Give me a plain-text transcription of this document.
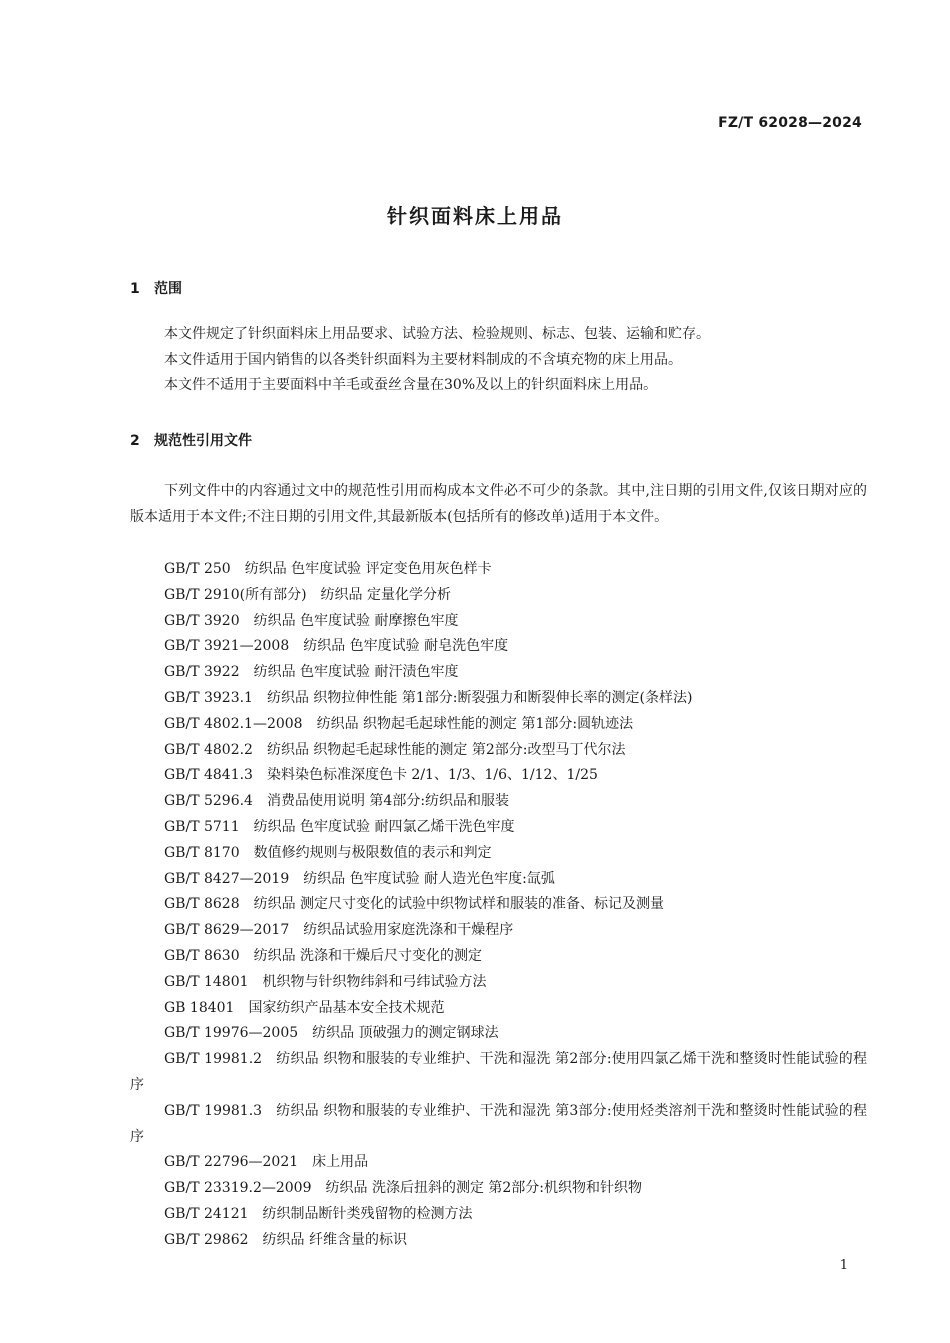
FZ/T 62028—2024
针织面料床上用品
1 范围

本文件规定了针织面料床上用品要求、试验方法、检验规则、标志、包装、运输和贮存。

本文件适用于国内销售的以各类针织面料为主要材料制成的不含填充物的床上用品。

本文件不适用于主要面料中羊毛或蚕丝含量在30%及以上的针织面料床上用品。

2 规范性引用文件

下列文件中的内容通过文中的规范性引用而构成本文件必不可少的条款。其中,注日期的引用文件,仅该日期对应的版本适用于本文件;不注日期的引用文件,其最新版本(包括所有的修改单)适用于本文件。

GB/T 250 纺织品 色牢度试验 评定变色用灰色样卡
GB/T 2910(所有部分) 纺织品 定量化学分析
GB/T 3920 纺织品 色牢度试验 耐摩擦色牢度
GB/T 3921—2008 纺织品 色牢度试验 耐皂洗色牢度
GB/T 3922 纺织品 色牢度试验 耐汗渍色牢度
GB/T 3923.1 纺织品 织物拉伸性能 第1部分:断裂强力和断裂伸长率的测定(条样法)
GB/T 4802.1—2008 纺织品 织物起毛起球性能的测定 第1部分:圆轨迹法
GB/T 4802.2 纺织品 织物起毛起球性能的测定 第2部分:改型马丁代尔法
GB/T 4841.3 染料染色标准深度色卡 2/1、1/3、1/6、1/12、1/25
GB/T 5296.4 消费品使用说明 第4部分:纺织品和服装
GB/T 5711 纺织品 色牢度试验 耐四氯乙烯干洗色牢度
GB/T 8170 数值修约规则与极限数值的表示和判定
GB/T 8427—2019 纺织品 色牢度试验 耐人造光色牢度:氙弧
GB/T 8628 纺织品 测定尺寸变化的试验中织物试样和服装的准备、标记及测量
GB/T 8629—2017 纺织品试验用家庭洗涤和干燥程序
GB/T 8630 纺织品 洗涤和干燥后尺寸变化的测定
GB/T 14801 机织物与针织物纬斜和弓纬试验方法
GB 18401 国家纺织产品基本安全技术规范
GB/T 19976—2005 纺织品 顶破强力的测定钢球法
GB/T 19981.2 纺织品 织物和服装的专业维护、干洗和湿洗 第2部分:使用四氯乙烯干洗和整烫时性能试验的程序
GB/T 19981.3 纺织品 织物和服装的专业维护、干洗和湿洗 第3部分:使用烃类溶剂干洗和整烫时性能试验的程序
GB/T 22796—2021 床上用品
GB/T 23319.2—2009 纺织品 洗涤后扭斜的测定 第2部分:机织物和针织物
GB/T 24121 纺织制品断针类残留物的检测方法
GB/T 29862 纺织品 纤维含量的标识
1
